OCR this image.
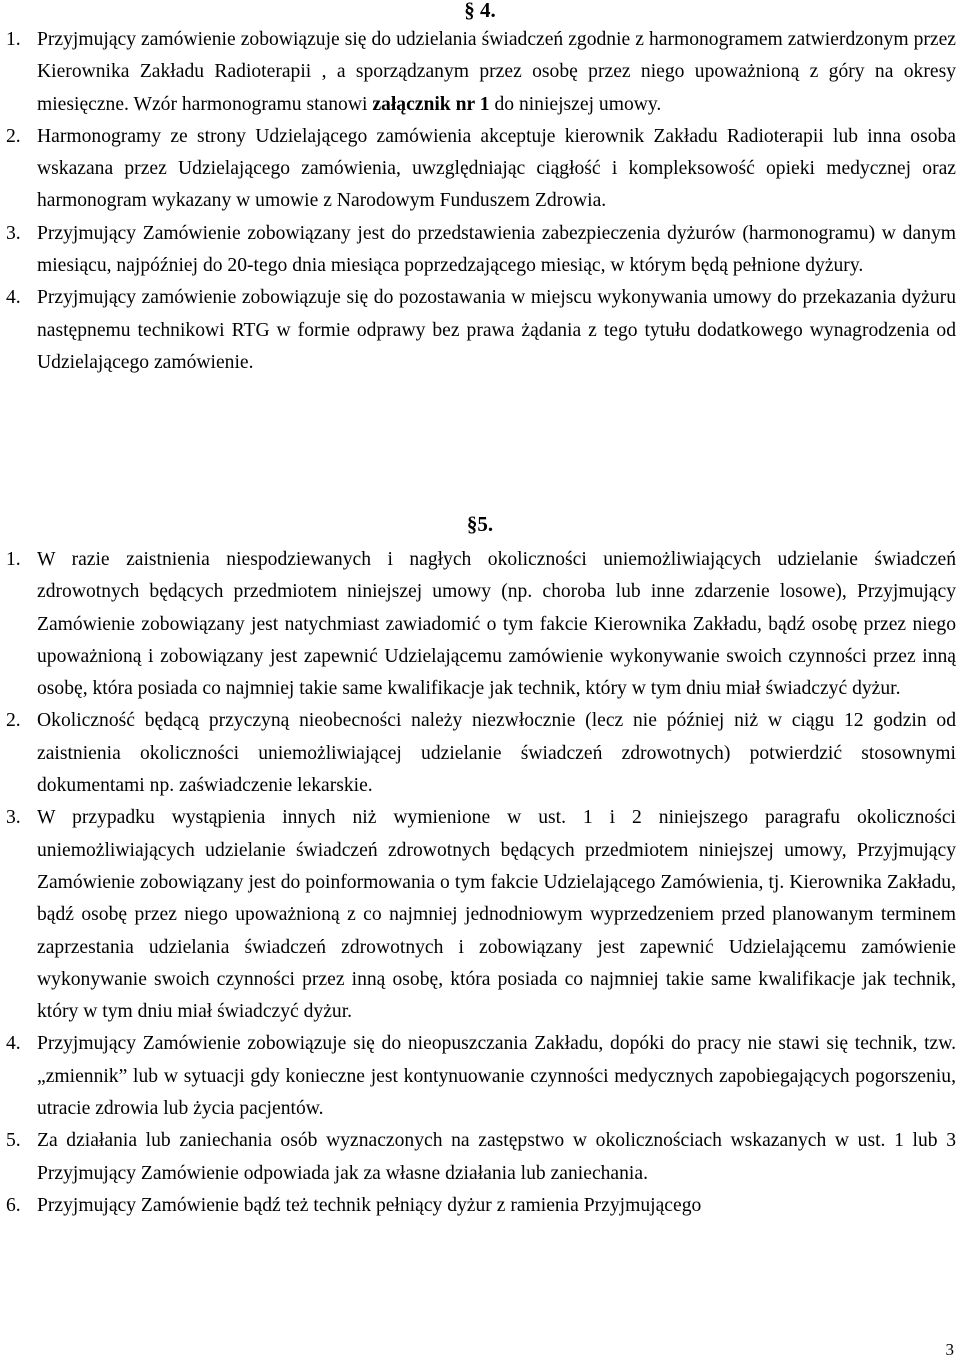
§ 4.
1. Przyjmujący zamówienie zobowiązuje się do udzielania świadczeń zgodnie z harmonogramem zatwierdzonym przez Kierownika Zakładu Radioterapii , a sporządzanym przez osobę przez niego upoważnioną z góry na okresy miesięczne. Wzór harmonogramu stanowi załącznik nr 1 do niniejszej umowy.
2. Harmonogramy ze strony Udzielającego zamówienia akceptuje kierownik Zakładu Radioterapii lub inna osoba wskazana przez Udzielającego zamówienia, uwzględniając ciągłość i kompleksowość opieki medycznej oraz harmonogram wykazany w umowie z Narodowym Funduszem Zdrowia.
3. Przyjmujący Zamówienie zobowiązany jest do przedstawienia zabezpieczenia dyżurów (harmonogramu) w danym miesiącu, najpóźniej do 20-tego dnia miesiąca poprzedzającego miesiąc, w którym będą pełnione dyżury.
4. Przyjmujący zamówienie zobowiązuje się do pozostawania w miejscu wykonywania umowy do przekazania dyżuru następnemu technikowi RTG w formie odprawy bez prawa żądania z tego tytułu dodatkowego wynagrodzenia od Udzielającego zamówienie.
§5.
1. W razie zaistnienia niespodziewanych i nagłych okoliczności uniemożliwiających udzielanie świadczeń zdrowotnych będących przedmiotem niniejszej umowy (np. choroba lub inne zdarzenie losowe), Przyjmujący Zamówienie zobowiązany jest natychmiast zawiadomić o tym fakcie Kierownika Zakładu, bądź osobę przez niego upoważnioną i zobowiązany jest zapewnić Udzielającemu zamówienie wykonywanie swoich czynności przez inną osobę, która posiada co najmniej takie same kwalifikacje jak technik, który w tym dniu miał świadczyć dyżur.
2. Okoliczność będącą przyczyną nieobecności należy niezwłocznie (lecz nie później niż w ciągu 12 godzin od zaistnienia okoliczności uniemożliwiającej udzielanie świadczeń zdrowotnych) potwierdzić stosownymi dokumentami np. zaświadczenie lekarskie.
3. W przypadku wystąpienia innych niż wymienione w ust. 1 i 2 niniejszego paragrafu okoliczności uniemożliwiających udzielanie świadczeń zdrowotnych będących przedmiotem niniejszej umowy, Przyjmujący Zamówienie zobowiązany jest do poinformowania o tym fakcie Udzielającego Zamówienia, tj. Kierownika Zakładu, bądź osobę przez niego upoważnioną z co najmniej jednodniowym wyprzedzeniem przed planowanym terminem zaprzestania udzielania świadczeń zdrowotnych i zobowiązany jest zapewnić Udzielającemu zamówienie wykonywanie swoich czynności przez inną osobę, która posiada co najmniej takie same kwalifikacje jak technik, który w tym dniu miał świadczyć dyżur.
4. Przyjmujący Zamówienie zobowiązuje się do nieopuszczania Zakładu, dopóki do pracy nie stawi się technik, tzw. „zmiennik” lub w sytuacji gdy konieczne jest kontynuowanie czynności medycznych zapobiegających pogorszeniu, utracie zdrowia lub życia pacjentów.
5. Za działania lub zaniechania osób wyznaczonych na zastępstwo w okolicznościach wskazanych w ust. 1 lub 3 Przyjmujący Zamówienie odpowiada jak za własne działania lub zaniechania.
6. Przyjmujący Zamówienie bądź też technik pełniący dyżur z ramienia Przyjmującego
3
